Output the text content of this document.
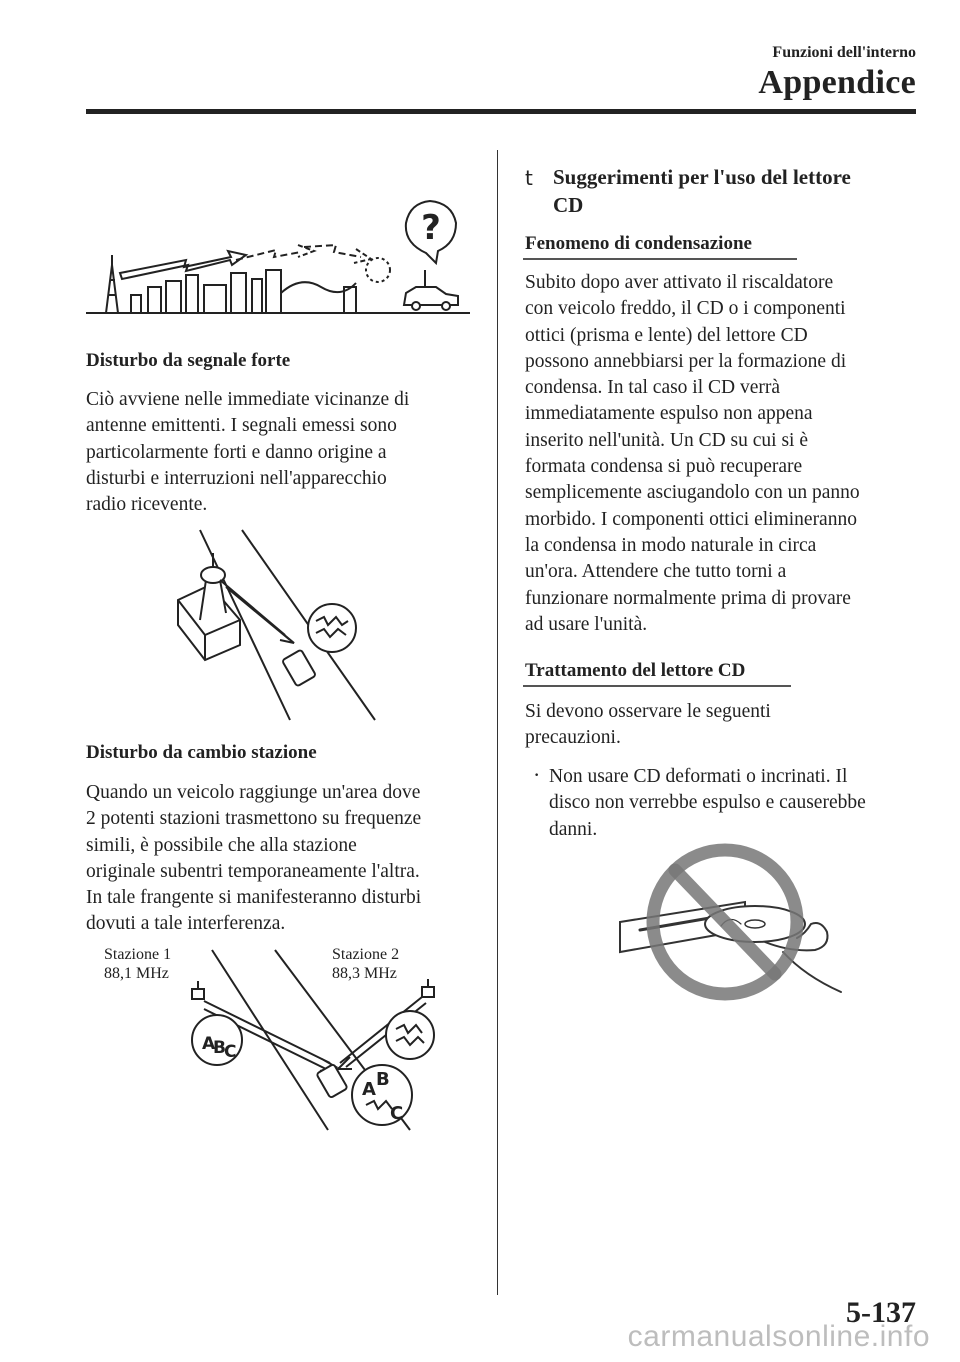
Funzioni dell'interno
Appendice
?
Disturbo da segnale forte
Ciò avviene nelle immediate vicinanze di
antenne emittenti. I segnali emessi sono
particolarmente forti e danno origine a
disturbi e interruzioni nell'apparecchio
radio ricevente.
Disturbo da cambio stazione
Quando un veicolo raggiunge un'area dove
2 potenti stazioni trasmettono su frequenze
simili, è possibile che alla stazione
originale subentri temporaneamente l'altra.
In tale frangente si manifesteranno disturbi
dovuti a tale interferenza.
Stazione 1
88,1 MHz
Stazione 2
88,3 MHz
A
B
C
A B
C
t Suggerimenti per l'uso del lettore
CD
Fenomeno di condensazione
Subito dopo aver attivato il riscaldatore
con veicolo freddo, il CD o i componenti
ottici (prisma e lente) del lettore CD
possono annebbiarsi per la formazione di
condensa. In tal caso il CD verrà
immediatamente espulso non appena
inserito nell'unità. Un CD su cui si è
formata condensa si può recuperare
semplicemente asciugandolo con un panno
morbido. I componenti ottici elimineranno
la condensa in modo naturale in circa
un'ora. Attendere che tutto torni a
funzionare normalmente prima di provare
ad usare l'unità.
Trattamento del lettore CD
Si devono osservare le seguenti
precauzioni.
· Non usare CD deformati o incrinati. Il
disco non verrebbe espulso e causerebbe
danni.
5-137
carmanualsonline.info
